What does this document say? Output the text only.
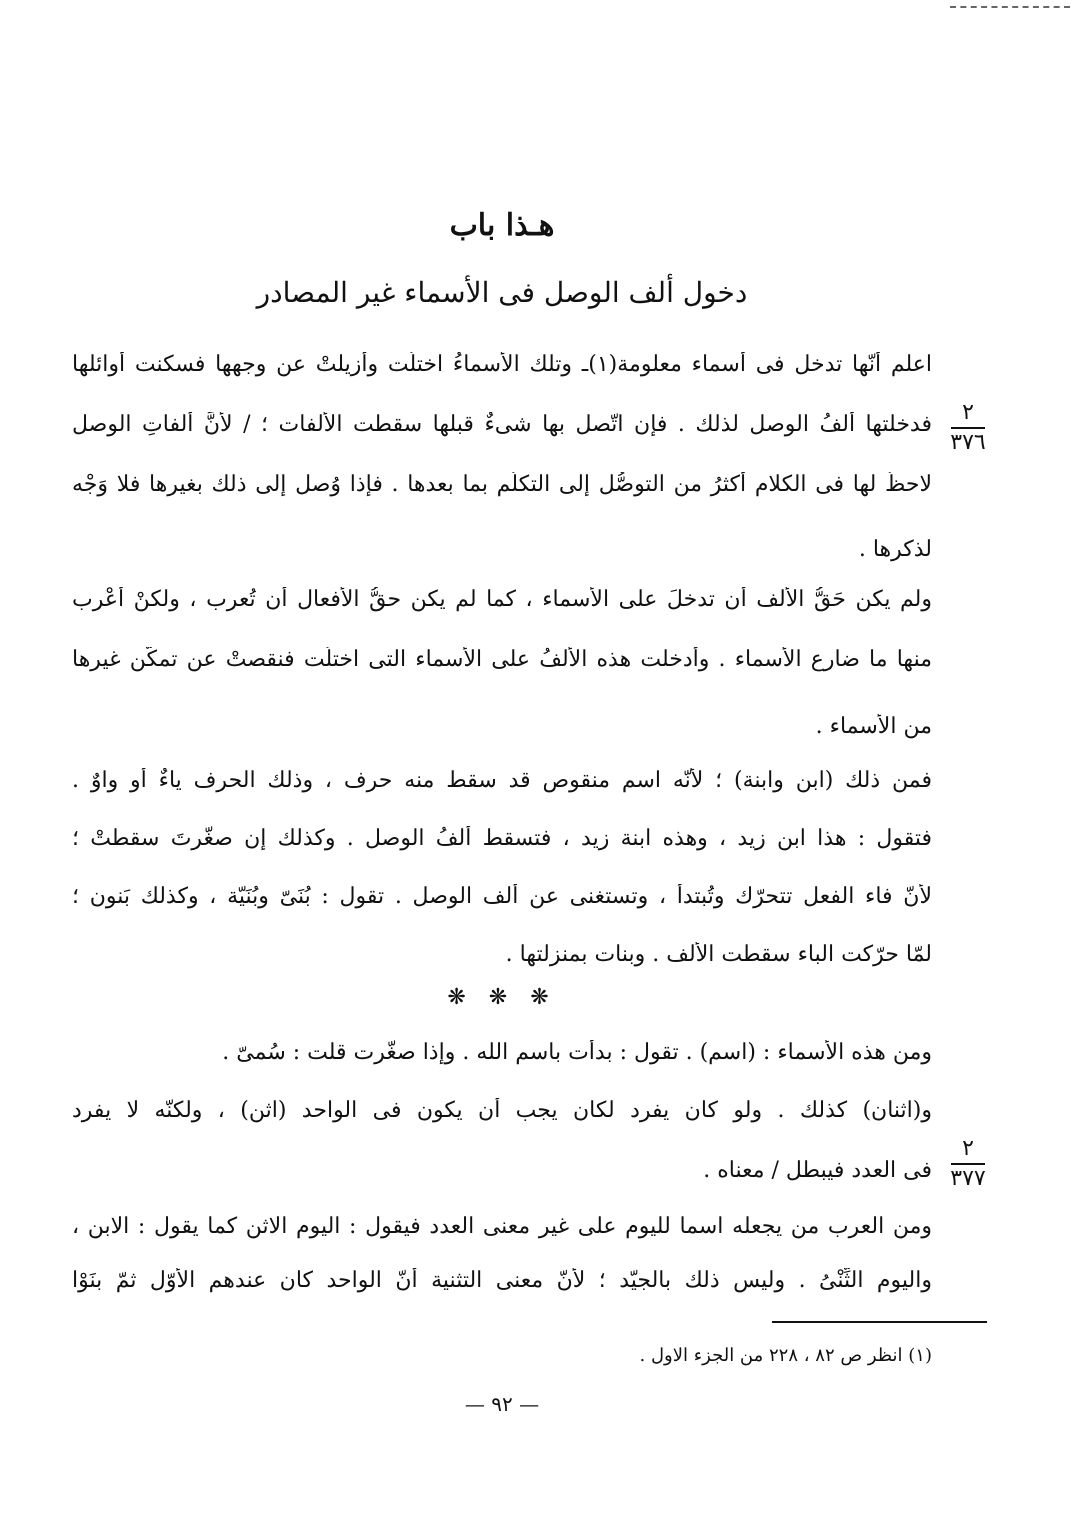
هـذا باب
دخول ألف الوصل فى الأسماء غير المصادر
اعلم أنّها تدخل فى أسماء معلومة(١)ـ وتلك الأسماءُ اختلّت وأُزيلتْ عن وجهها فسكنت أوائلها
فدخلتها ألفُ الوصل لذلك . فإن اتّصل بها شىءٌ قبلها سقطت الألفات ؛ / لأنَّ ألفاتِ الوصل
لاحظّ لها فى الكلام أكثرُ من التوصُّل إلى التكلُّم بما بعدها . فإذا وُصل إلى ذلك بغيرها فلا وَجْه
لذكرها .
ولم يكن حَقُّ الألف أن تدخلَ على الأسماء ، كما لم يكن حقُّ الأفعال أن تُعرب ، ولكنْ أُعْرِب
منها ما ضارع الأسماء . وأُدخلت هذه الألفُ على الأسماء التى اختلّت فنقصتْ عن تمكُّن غيرها
من الأسماء .
فمن ذلك (ابن وابنة) ؛ لأنّه اسم منقوص قد سقط منه حرف ، وذلك الحرف ياءٌ أو واوٌ .
فتقول : هذا ابن زيد ، وهذه ابنة زيد ، فتسقط ألفُ الوصل . وكذلك إن صغّرتَ سقطتْ ؛
لأنّ فاء الفعل تتحرّك وتُبتدأ ، وتستغنى عن ألف الوصل . تقول : بُنَىّ وبُنَيّة ، وكذلك بَنون ؛
لمّا حرّكت الباء سقطت الألف . وبنات بمنزلتها .
❋ ❋ ❋
ومن هذه الأسماء : (اسم) . تقول : بدأت باسم الله . وإذا صغّرت قلت : سُمىّ .
و(اثنان) كذلك . ولو كان يفرد لكان يجب أن يكون فى الواحد (اثن) ، ولكنّه لا يفرد
فى العدد فيبطل / معناه .
ومن العرب من يجعله اسما لليوم على غير معنى العدد فيقول : اليوم الاثن كما يقول : الابن ،
واليوم الثِّنْىُ . وليس ذلك بالجيّد ؛ لأنّ معنى التثنية أنّ الواحد كان عندهم الأوّل ثمّ بنَوْا
(١) انظر ص ٨٢ ، ٢٢٨ من الجزء الاول .
— ٩٢ —
٢
٣٧٦
٢
٣٧٧
